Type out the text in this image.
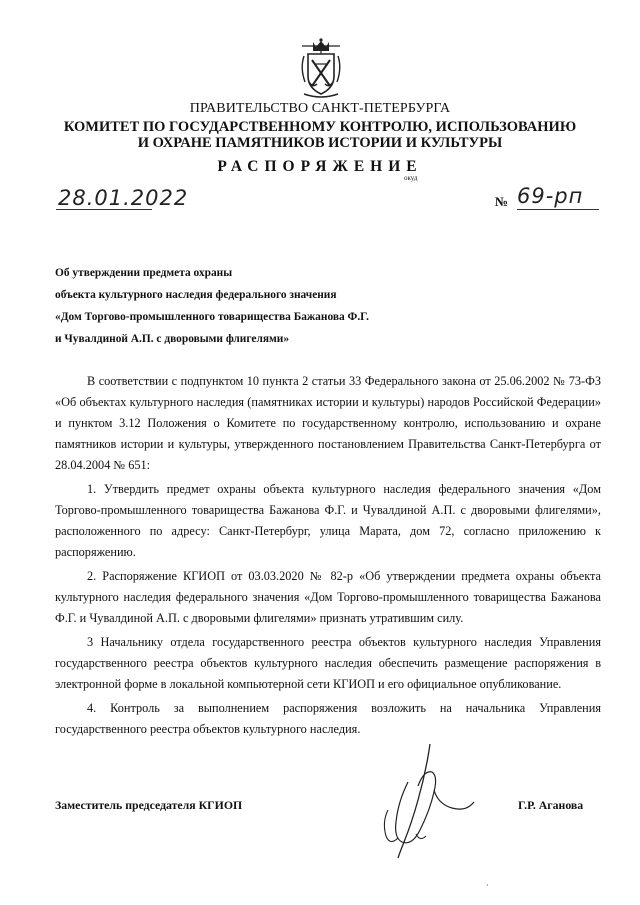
ПРАВИТЕЛЬСТВО САНКТ-ПЕТЕРБУРГА
КОМИТЕТ ПО ГОСУДАРСТВЕННОМУ КОНТРОЛЮ, ИСПОЛЬЗОВАНИЮ
И ОХРАНЕ ПАМЯТНИКОВ ИСТОРИИ И КУЛЬТУРЫ
РАСПОРЯЖЕНИЕ
окуд
28.01.2022	№ 69-рп
Об утверждении предмета охраны
объекта культурного наследия федерального значения
«Дом Торгово-промышленного товарищества Бажанова Ф.Г.
и Чувалдиной А.П. с дворовыми флигелями»

В соответствии с подпунктом 10 пункта 2 статьи 33 Федерального закона от 25.06.2002 № 73-ФЗ «Об объектах культурного наследия (памятниках истории и культуры) народов Российской Федерации» и пунктом 3.12 Положения о Комитете по государственному контролю, использованию и охране памятников истории и культуры, утвержденного постановлением Правительства Санкт-Петербурга от 28.04.2004 № 651:

1. Утвердить предмет охраны объекта культурного наследия федерального значения «Дом Торгово-промышленного товарищества Бажанова Ф.Г. и Чувалдиной А.П. с дворовыми флигелями», расположенного по адресу: Санкт-Петербург, улица Марата, дом 72, согласно приложению к распоряжению.

2. Распоряжение КГИОП от 03.03.2020 № 82-р «Об утверждении предмета охраны объекта культурного наследия федерального значения «Дом Торгово-промышленного товарищества Бажанова Ф.Г. и Чувалдиной А.П. с дворовыми флигелями» признать утратившим силу.

3 Начальнику отдела государственного реестра объектов культурного наследия Управления государственного реестра объектов культурного наследия обеспечить размещение распоряжения в электронной форме в локальной компьютерной сети КГИОП и его официальное опубликование.

4. Контроль за выполнением распоряжения возложить на начальника Управления государственного реестра объектов культурного наследия.

Заместитель председателя КГИОП	Г.Р. Аганова
·
